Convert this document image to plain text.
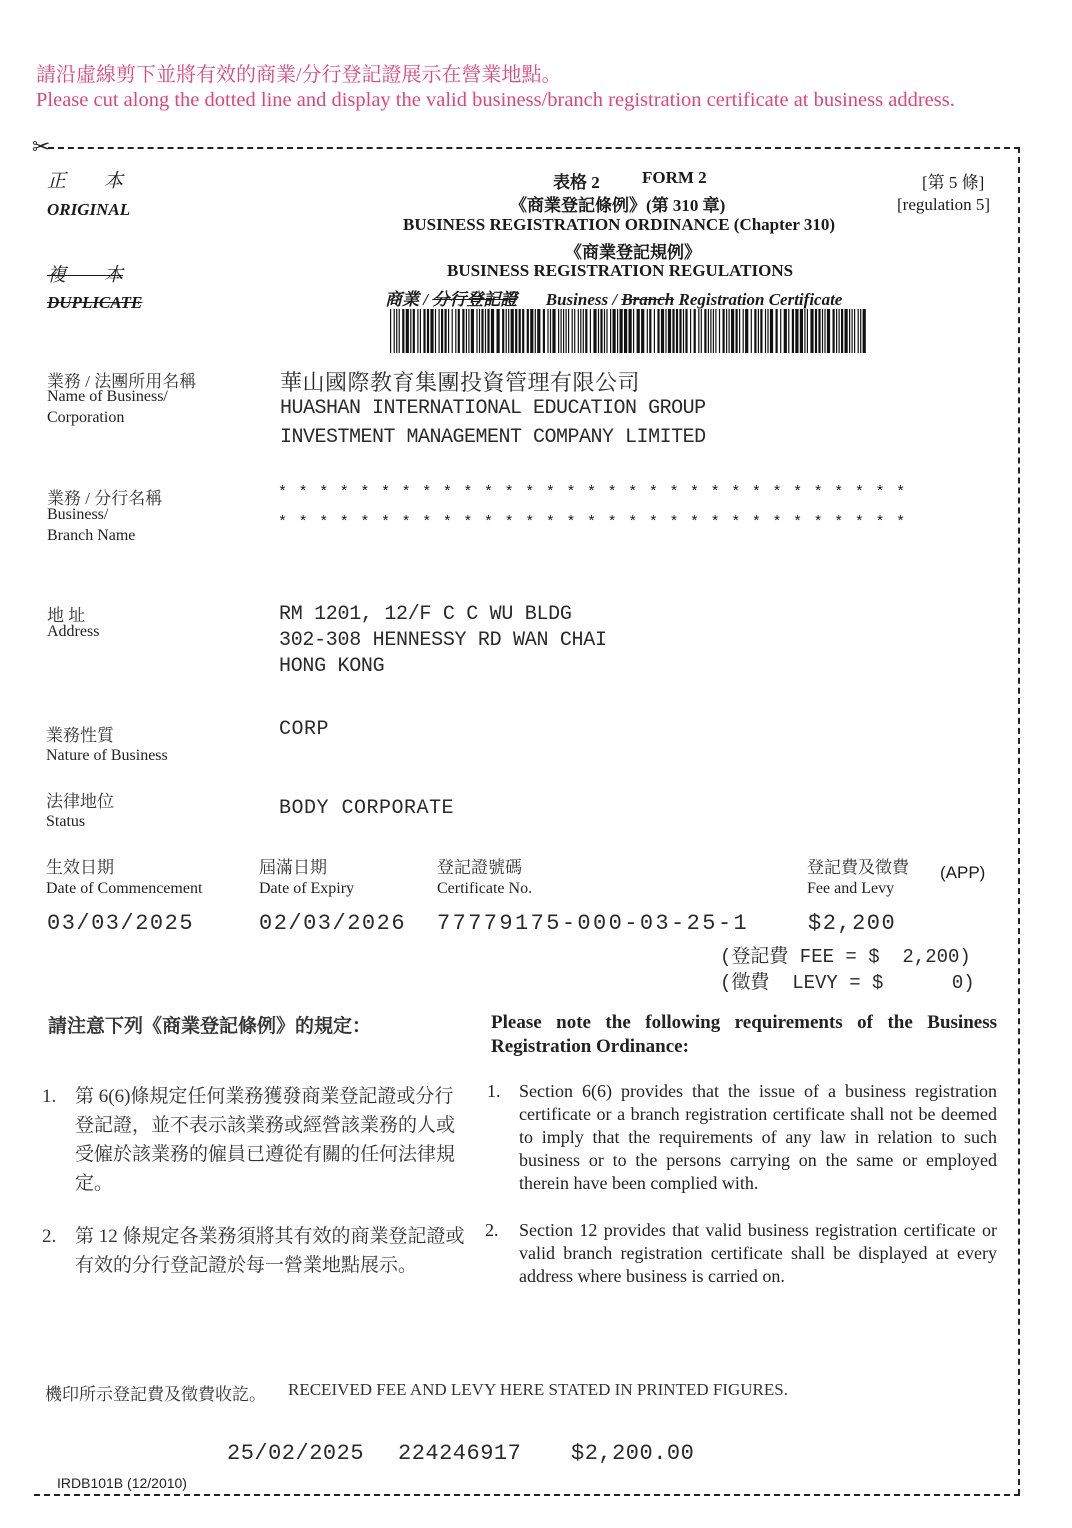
請沿虛線剪下並將有效的商業/分行登記證展示在營業地點。
Please cut along the dotted line and display the valid business/branch registration certificate at business address.
✂
正　　本
ORIGINAL
複　　本
DUPLICATE
表格 2 FORM 2	[第 5 條]
[regulation 5]
《商業登記條例》(第 310 章)
BUSINESS REGISTRATION ORDINANCE (Chapter 310)
《商業登記規例》
BUSINESS REGISTRATION REGULATIONS
商業 / 分行登記證 Business / Branch Registration Certificate
業務 / 法團所用名稱
Name of Business/
Corporation
華山國際教育集團投資管理有限公司
HUASHAN INTERNATIONAL EDUCATION GROUP
INVESTMENT MANAGEMENT COMPANY LIMITED
業務 / 分行名稱
Business/
Branch Name
* * * * * * * * * * * * * * * * * * * * * * * * * * * * * * *
* * * * * * * * * * * * * * * * * * * * * * * * * * * * * * *
地 址
Address
RM 1201, 12/F C C WU BLDG
302-308 HENNESSY RD WAN CHAI
HONG KONG
業務性質
Nature of Business
CORP
法律地位
Status
BODY CORPORATE
生效日期
Date of Commencement
03/03/2025
屆滿日期
Date of Expiry
02/03/2026
登記證號碼
Certificate No.
77779175-000-03-25-1
登記費及徵費
Fee and Levy
(APP)
$2,200
(登記費 FEE = $  2,200)
(徵費  LEVY = $      0)
請注意下列《商業登記條例》的規定：	Please note the following requirements of the Business Registration Ordinance:
1. 第 6(6)條規定任何業務獲發商業登記證或分行登記證，並不表示該業務或經營該業務的人或受僱於該業務的僱員已遵從有關的任何法律規定。
1. Section 6(6) provides that the issue of a business registration certificate or a branch registration certificate shall not be deemed to imply that the requirements of any law in relation to such business or to the persons carrying on the same or employed therein have been complied with.
2. 第 12 條規定各業務須將其有效的商業登記證或有效的分行登記證於每一營業地點展示。
2. Section 12 provides that valid business registration certificate or valid branch registration certificate shall be displayed at every address where business is carried on.
機印所示登記費及徵費收訖。 RECEIVED FEE AND LEVY HERE STATED IN PRINTED FIGURES.
25/02/2025 224246917 $2,200.00
IRDB101B (12/2010)
